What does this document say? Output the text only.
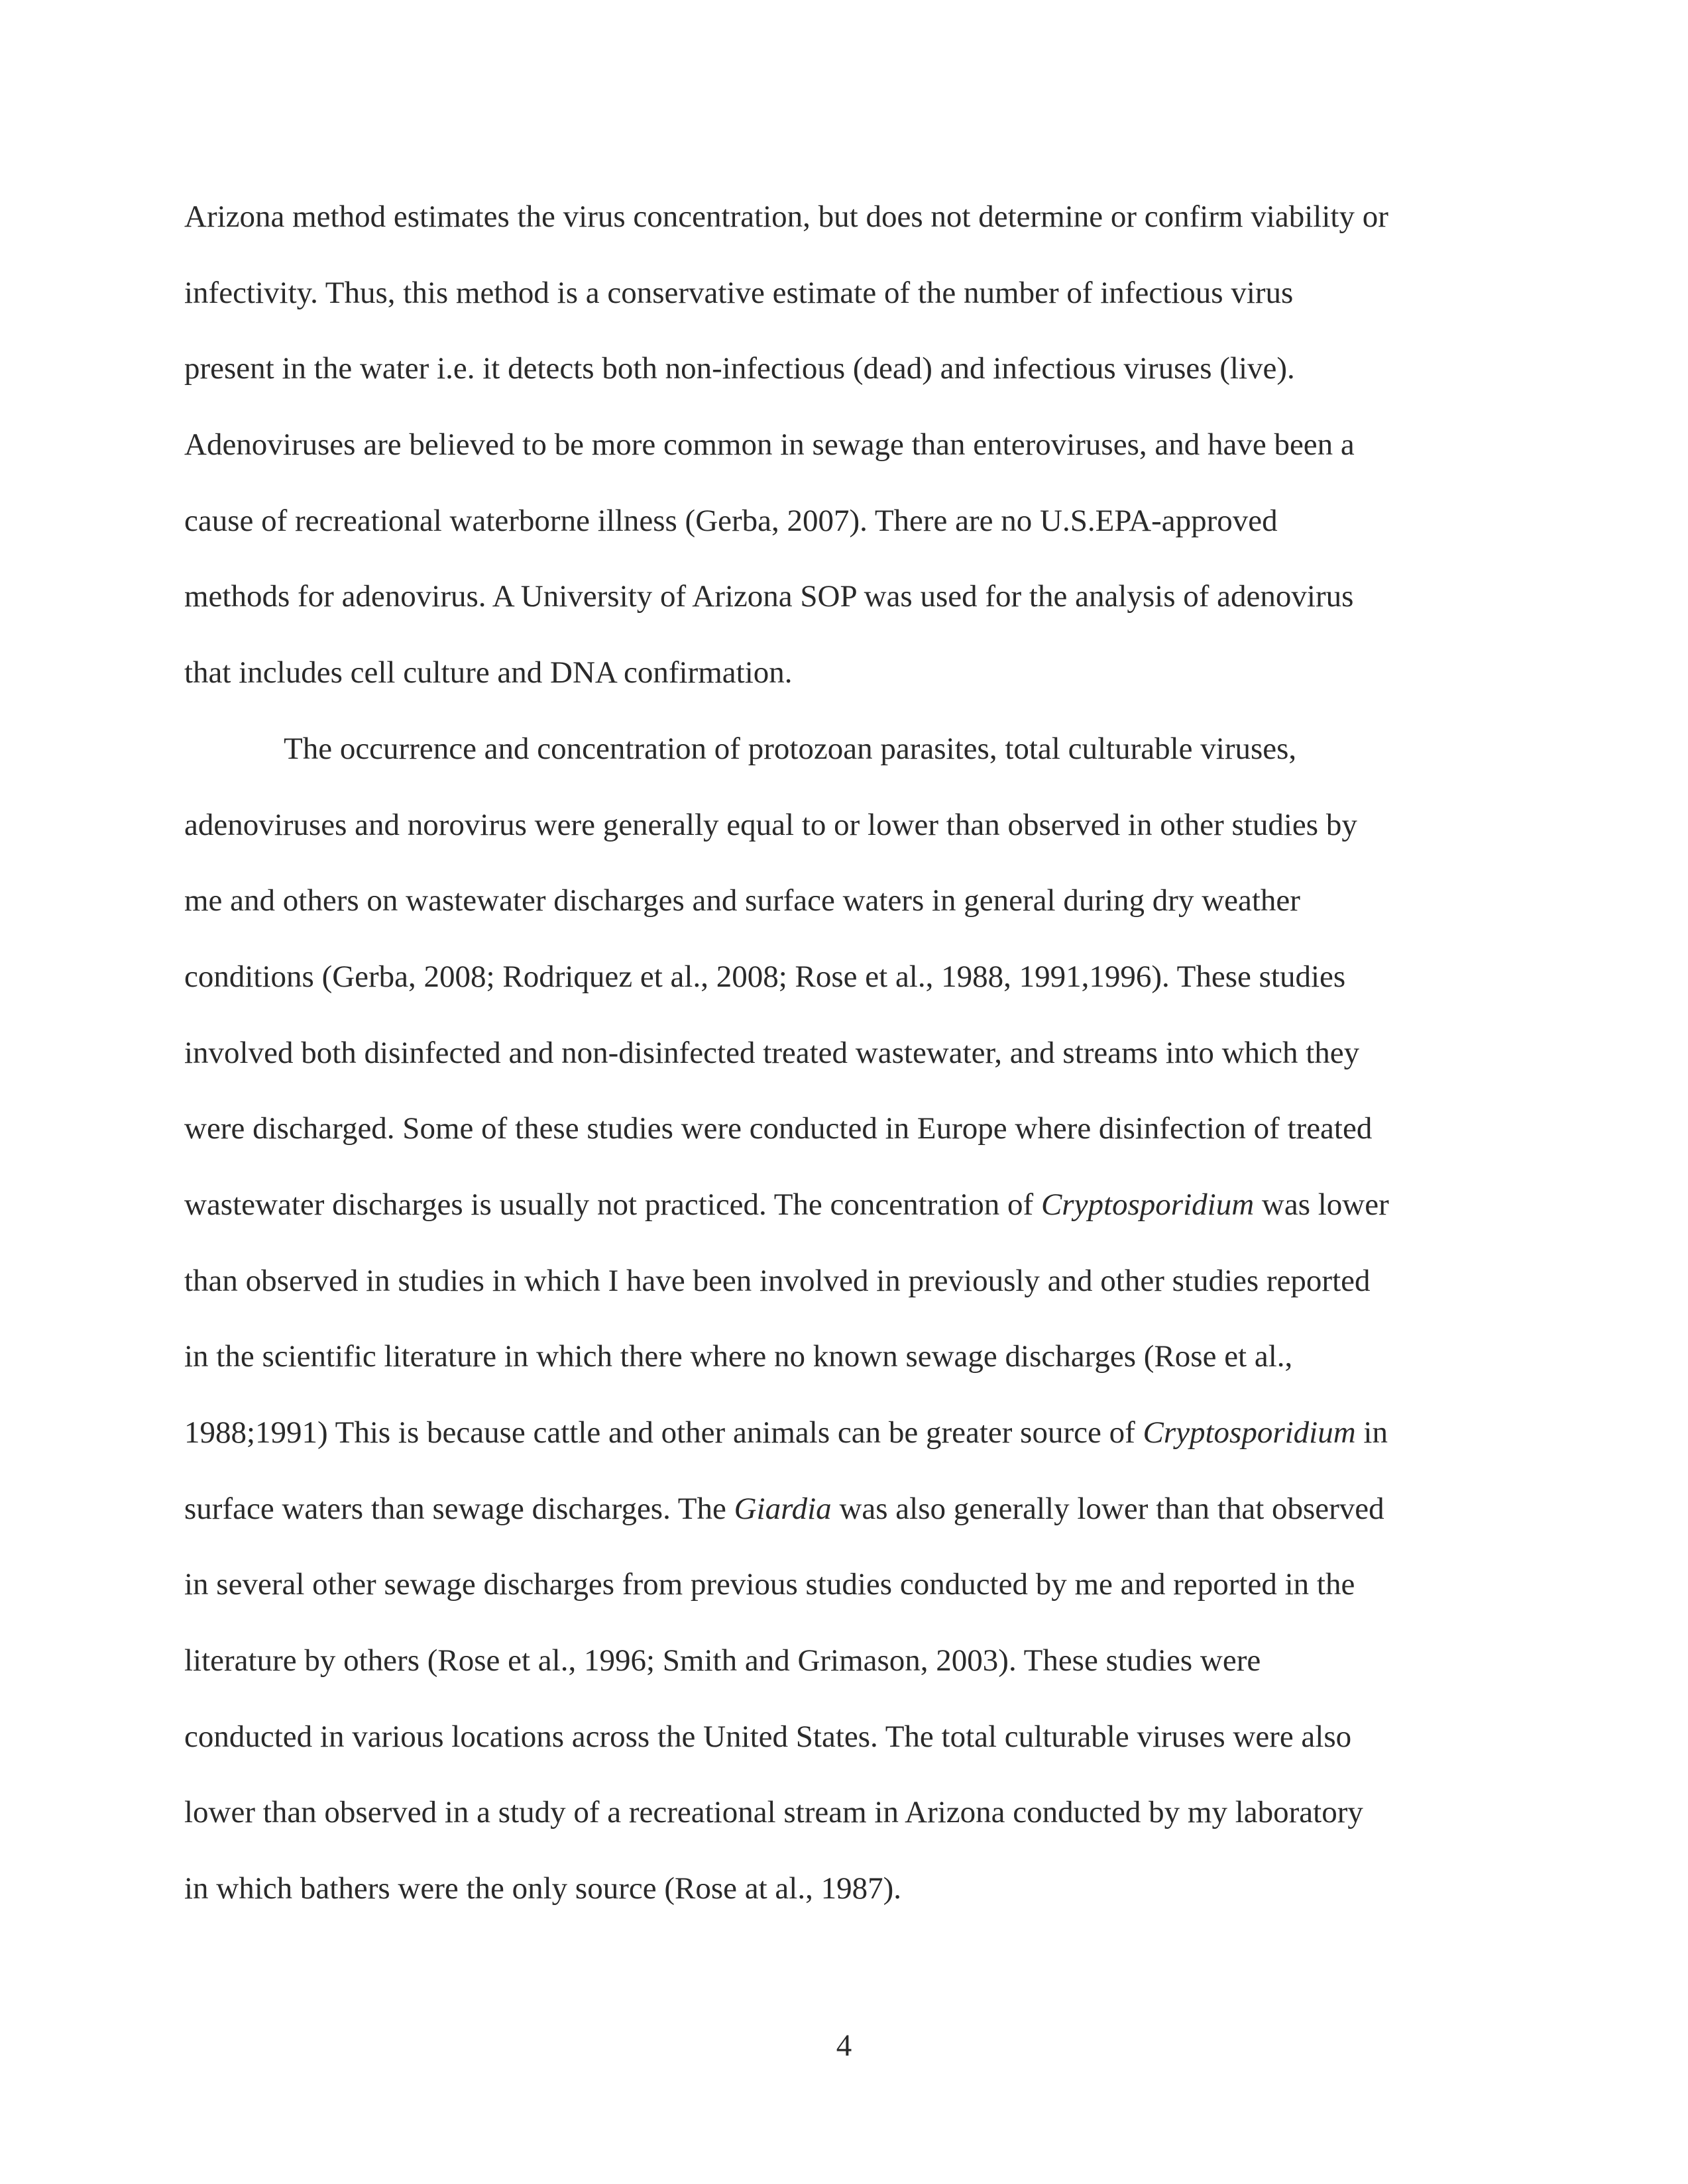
Arizona method estimates the virus concentration, but does not determine or confirm viability or
infectivity. Thus, this method is a conservative estimate of the number of infectious virus
present in the water i.e. it detects both non-infectious (dead) and infectious viruses (live).
Adenoviruses are believed to be more common in sewage than enteroviruses, and have been a
cause of recreational waterborne illness (Gerba, 2007). There are no U.S.EPA-approved
methods for adenovirus. A University of Arizona SOP was used for the analysis of adenovirus
that includes cell culture and DNA confirmation.
The occurrence and concentration of protozoan parasites, total culturable viruses,
adenoviruses and norovirus were generally equal to or lower than observed in other studies by
me and others on wastewater discharges and surface waters in general during dry weather
conditions (Gerba, 2008; Rodriquez et al., 2008; Rose et al., 1988, 1991,1996). These studies
involved both disinfected and non-disinfected treated wastewater, and streams into which they
were discharged. Some of these studies were conducted in Europe where disinfection of treated
wastewater discharges is usually not practiced. The concentration of Cryptosporidium was lower
than observed in studies in which I have been involved in previously and other studies reported
in the scientific literature in which there where no known sewage discharges (Rose et al.,
1988;1991) This is because cattle and other animals can be greater source of Cryptosporidium in
surface waters than sewage discharges. The Giardia was also generally lower than that observed
in several other sewage discharges from previous studies conducted by me and reported in the
literature by others (Rose et al., 1996; Smith and Grimason, 2003). These studies were
conducted in various locations across the United States. The total culturable viruses were also
lower than observed in a study of a recreational stream in Arizona conducted by my laboratory
in which bathers were the only source (Rose at al., 1987).
4
